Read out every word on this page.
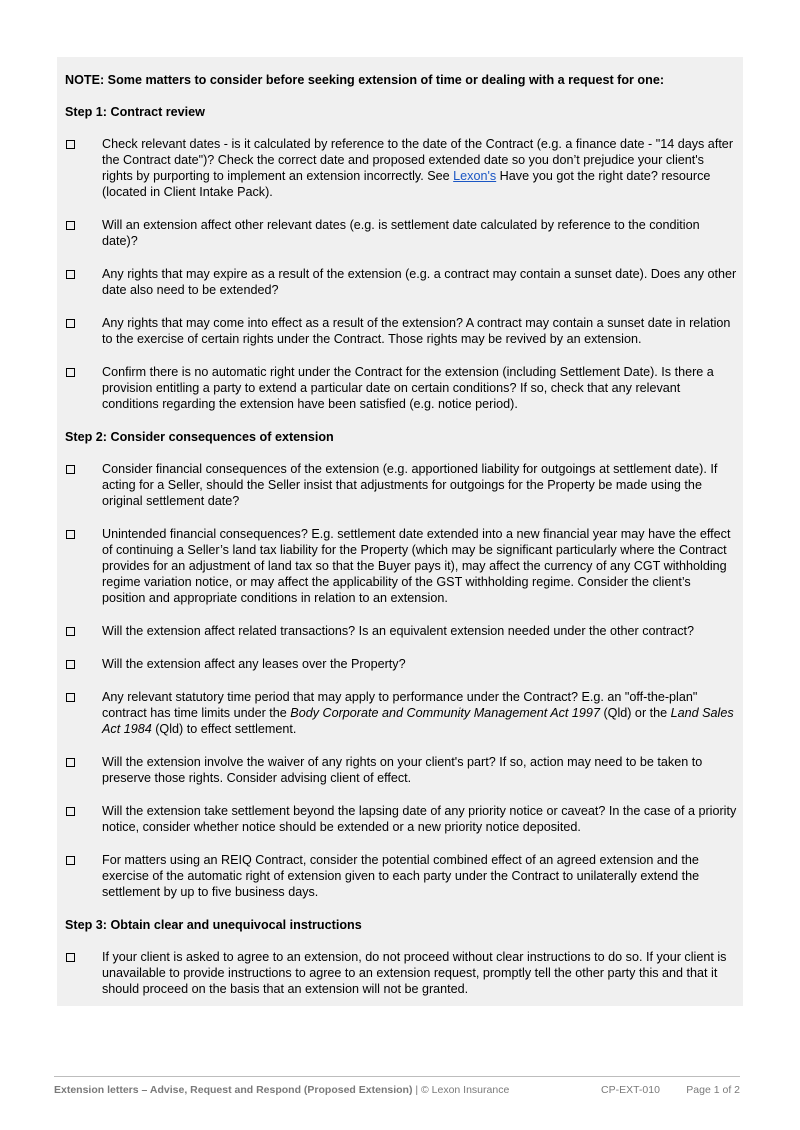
NOTE: Some matters to consider before seeking extension of time or dealing with a request for one:

Step 1: Contract review

Check relevant dates - is it calculated by reference to the date of the Contract (e.g. a finance date - "14 days after the Contract date")? Check the correct date and proposed extended date so you don’t prejudice your client's rights by purporting to implement an extension incorrectly. See Lexon's Have you got the right date? resource (located in Client Intake Pack).
Will an extension affect other relevant dates (e.g. is settlement date calculated by reference to the condition date)?
Any rights that may expire as a result of the extension (e.g. a contract may contain a sunset date). Does any other date also need to be extended?
Any rights that may come into effect as a result of the extension? A contract may contain a sunset date in relation to the exercise of certain rights under the Contract. Those rights may be revived by an extension.
Confirm there is no automatic right under the Contract for the extension (including Settlement Date). Is there a provision entitling a party to extend a particular date on certain conditions? If so, check that any relevant conditions regarding the extension have been satisfied (e.g. notice period).

Step 2: Consider consequences of extension

Consider financial consequences of the extension (e.g. apportioned liability for outgoings at settlement date). If acting for a Seller, should the Seller insist that adjustments for outgoings for the Property be made using the original settlement date?
Unintended financial consequences? E.g. settlement date extended into a new financial year may have the effect of continuing a Seller’s land tax liability for the Property (which may be significant particularly where the Contract provides for an adjustment of land tax so that the Buyer pays it), may affect the currency of any CGT withholding regime variation notice, or may affect the applicability of the GST withholding regime. Consider the client’s position and appropriate conditions in relation to an extension.
Will the extension affect related transactions? Is an equivalent extension needed under the other contract?
Will the extension affect any leases over the Property?
Any relevant statutory time period that may apply to performance under the Contract? E.g. an "off-the-plan" contract has time limits under the Body Corporate and Community Management Act 1997 (Qld) or the Land Sales Act 1984 (Qld) to effect settlement.
Will the extension involve the waiver of any rights on your client's part? If so, action may need to be taken to preserve those rights. Consider advising client of effect.
Will the extension take settlement beyond the lapsing date of any priority notice or caveat? In the case of a priority notice, consider whether notice should be extended or a new priority notice deposited.
For matters using an REIQ Contract, consider the potential combined effect of an agreed extension and the exercise of the automatic right of extension given to each party under the Contract to unilaterally extend the settlement by up to five business days.

Step 3: Obtain clear and unequivocal instructions

If your client is asked to agree to an extension, do not proceed without clear instructions to do so. If your client is unavailable to provide instructions to agree to an extension request, promptly tell the other party this and that it should proceed on the basis that an extension will not be granted.
Extension letters – Advise, Request and Respond (Proposed Extension) | © Lexon Insurance	CP-EXT-010	Page 1 of 2
